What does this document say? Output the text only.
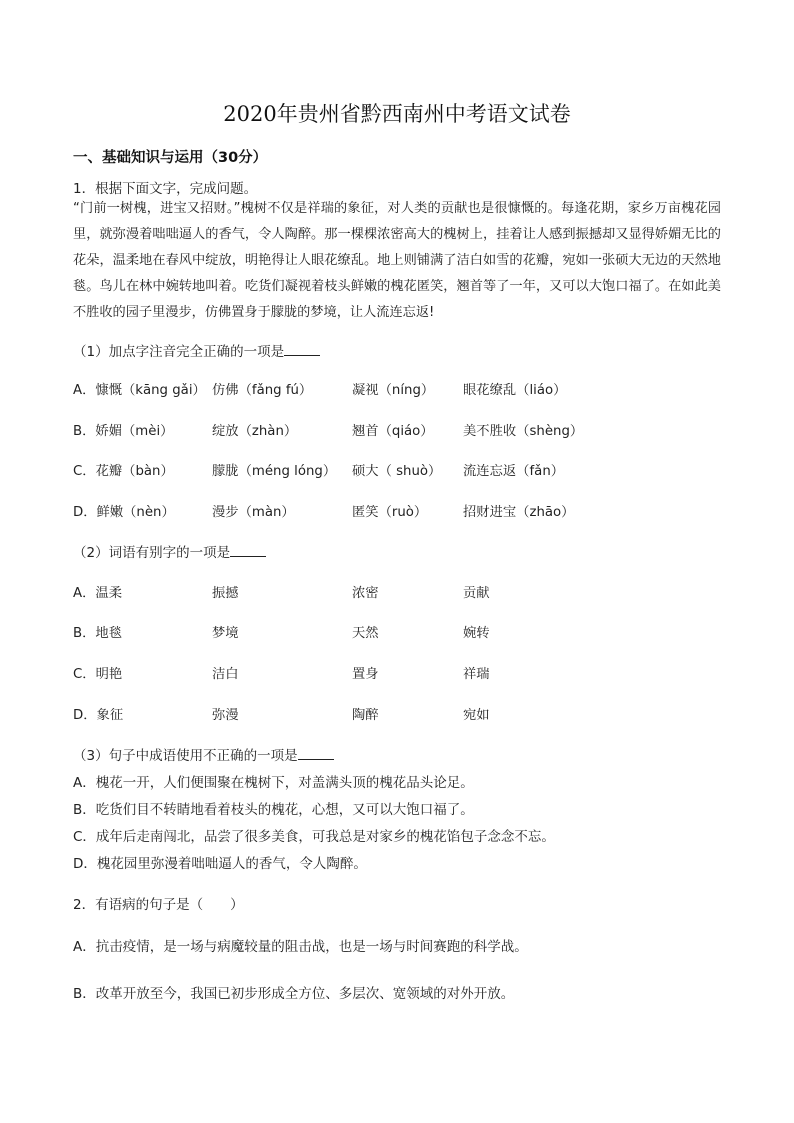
2020年贵州省黔西南州中考语文试卷
一、基础知识与运用（30分）
1．根据下面文字，完成问题。
“门前一树槐，进宝又招财。”槐树不仅是祥瑞的象征，对人类的贡献也是很慷慨的。每逢花期，家乡万亩槐花园里，就弥漫着咄咄逼人的香气，令人陶醉。那一棵棵浓密高大的槐树上，挂着让人感到振撼却又显得娇媚无比的花朵，温柔地在春风中绽放，明艳得让人眼花缭乱。地上则铺满了洁白如雪的花瓣，宛如一张硕大无边的天然地毯。鸟儿在林中婉转地叫着。吃货们凝视着枝头鲜嫩的槐花匿笑，翘首等了一年，又可以大饱口福了。在如此美不胜收的园子里漫步，仿佛置身于朦胧的梦境，让人流连忘返!
（1）加点字注音完全正确的一项是
A．慷慨（kāng gǎi） 仿佛（fǎng fú）	凝视（níng） 眼花缭乱（liáo）
B．娇媚（mèi）	绽放（zhàn）	翘首（qiáo） 美不胜收（shèng）
C．花瓣（bàn）	朦胧（méng lóng） 硕大（ shuò） 流连忘返（fǎn）
D．鲜嫩（nèn）	漫步（màn）	匿笑（ruò）	招财进宝（zhāo）
（2）词语有别字的一项是
A．温柔	振撼	浓密	贡献
B．地毯	梦境	天然	婉转
C．明艳	洁白	置身	祥瑞
D．象征	弥漫	陶醉	宛如
（3）句子中成语使用不正确的一项是
A．槐花一开，人们便围聚在槐树下，对盖满头顶的槐花品头论足。
B．吃货们目不转睛地看着枝头的槐花，心想，又可以大饱口福了。
C．成年后走南闯北，品尝了很多美食，可我总是对家乡的槐花馅包子念念不忘。
D．槐花园里弥漫着咄咄逼人的香气，令人陶醉。
2．有语病的句子是（　　）
A．抗击疫情，是一场与病魔较量的阻击战，也是一场与时间赛跑的科学战。
B．改革开放至今，我国已初步形成全方位、多层次、宽领域的对外开放。
